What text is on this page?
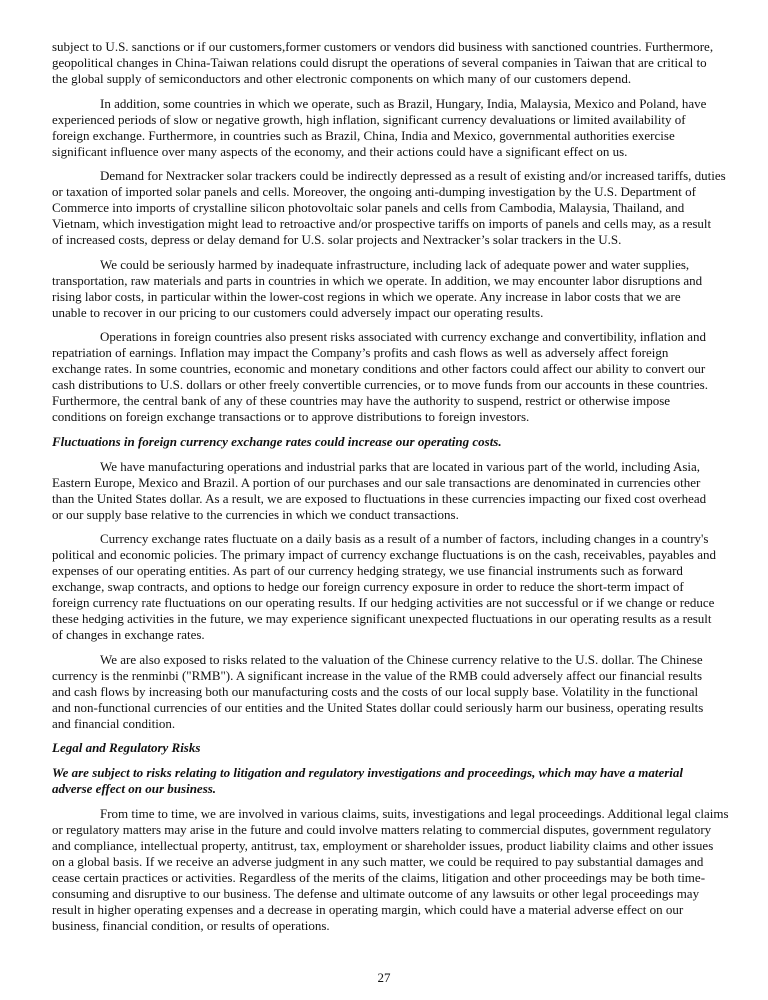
subject to U.S. sanctions or if our customers,former customers or vendors did business with sanctioned countries. Furthermore,
geopolitical changes in China-Taiwan relations could disrupt the operations of several companies in Taiwan that are critical to
the global supply of semiconductors and other electronic components on which many of our customers depend.
In addition, some countries in which we operate, such as Brazil, Hungary, India, Malaysia, Mexico and Poland, have
experienced periods of slow or negative growth, high inflation, significant currency devaluations or limited availability of
foreign exchange. Furthermore, in countries such as Brazil, China, India and Mexico, governmental authorities exercise
significant influence over many aspects of the economy, and their actions could have a significant effect on us.
Demand for Nextracker solar trackers could be indirectly depressed as a result of existing and/or increased tariffs, duties
or taxation of imported solar panels and cells. Moreover, the ongoing anti-dumping investigation by the U.S. Department of
Commerce into imports of crystalline silicon photovoltaic solar panels and cells from Cambodia, Malaysia, Thailand, and
Vietnam, which investigation might lead to retroactive and/or prospective tariffs on imports of panels and cells may, as a result
of increased costs, depress or delay demand for U.S. solar projects and Nextracker’s solar trackers in the U.S.
We could be seriously harmed by inadequate infrastructure, including lack of adequate power and water supplies,
transportation, raw materials and parts in countries in which we operate. In addition, we may encounter labor disruptions and
rising labor costs, in particular within the lower-cost regions in which we operate. Any increase in labor costs that we are
unable to recover in our pricing to our customers could adversely impact our operating results.
Operations in foreign countries also present risks associated with currency exchange and convertibility, inflation and
repatriation of earnings. Inflation may impact the Company’s profits and cash flows as well as adversely affect foreign
exchange rates. In some countries, economic and monetary conditions and other factors could affect our ability to convert our
cash distributions to U.S. dollars or other freely convertible currencies, or to move funds from our accounts in these countries.
Furthermore, the central bank of any of these countries may have the authority to suspend, restrict or otherwise impose
conditions on foreign exchange transactions or to approve distributions to foreign investors.
Fluctuations in foreign currency exchange rates could increase our operating costs.
We have manufacturing operations and industrial parks that are located in various part of the world, including Asia,
Eastern Europe, Mexico and Brazil. A portion of our purchases and our sale transactions are denominated in currencies other
than the United States dollar. As a result, we are exposed to fluctuations in these currencies impacting our fixed cost overhead
or our supply base relative to the currencies in which we conduct transactions.
Currency exchange rates fluctuate on a daily basis as a result of a number of factors, including changes in a country's
political and economic policies. The primary impact of currency exchange fluctuations is on the cash, receivables, payables and
expenses of our operating entities. As part of our currency hedging strategy, we use financial instruments such as forward
exchange, swap contracts, and options to hedge our foreign currency exposure in order to reduce the short-term impact of
foreign currency rate fluctuations on our operating results. If our hedging activities are not successful or if we change or reduce
these hedging activities in the future, we may experience significant unexpected fluctuations in our operating results as a result
of changes in exchange rates.
We are also exposed to risks related to the valuation of the Chinese currency relative to the U.S. dollar. The Chinese
currency is the renminbi ("RMB"). A significant increase in the value of the RMB could adversely affect our financial results
and cash flows by increasing both our manufacturing costs and the costs of our local supply base. Volatility in the functional
and non-functional currencies of our entities and the United States dollar could seriously harm our business, operating results
and financial condition.
Legal and Regulatory Risks
We are subject to risks relating to litigation and regulatory investigations and proceedings, which may have a material
adverse effect on our business.
From time to time, we are involved in various claims, suits, investigations and legal proceedings. Additional legal claims
or regulatory matters may arise in the future and could involve matters relating to commercial disputes, government regulatory
and compliance, intellectual property, antitrust, tax, employment or shareholder issues, product liability claims and other issues
on a global basis. If we receive an adverse judgment in any such matter, we could be required to pay substantial damages and
cease certain practices or activities. Regardless of the merits of the claims, litigation and other proceedings may be both time-
consuming and disruptive to our business. The defense and ultimate outcome of any lawsuits or other legal proceedings may
result in higher operating expenses and a decrease in operating margin, which could have a material adverse effect on our
business, financial condition, or results of operations.
27
